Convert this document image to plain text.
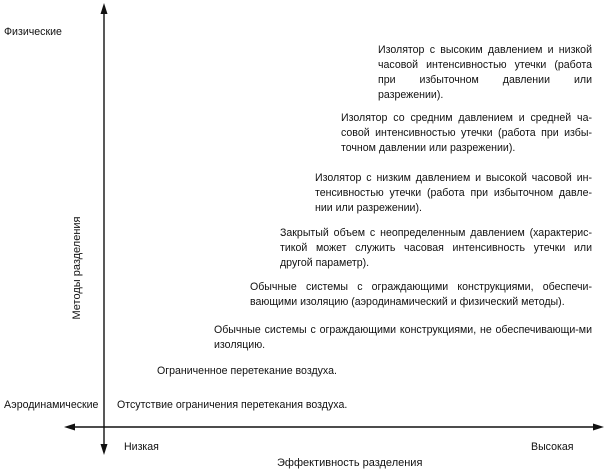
Физические
Аэродинамические
Методы разделения
Низкая	Высокая
Эффективность разделения
Изолятор с высоким давлением и низкой часовой интенсивностью утечки (работа при избыточном давлении или разрежении).
Изолятор со средним давлением и средней ча-совой интенсивностью утечки (работа при избы-точном давлении или разрежении).
Изолятор с низким давлением и высокой часовой ин-тенсивностью утечки (работа при избыточном давле-нии или разрежении).
Закрытый объем с неопределенным давлением (характерис-тикой может служить часовая интенсивность утечки или другой параметр).
Обычные системы с ограждающими конструкциями, обеспечи-вающими изоляцию (аэродинамический и физический методы).
Обычные системы с ограждающими конструкциями, не обеспечивающи-ми изоляцию.
Ограниченное перетекание воздуха.
Отсутствие ограничения перетекания воздуха.
